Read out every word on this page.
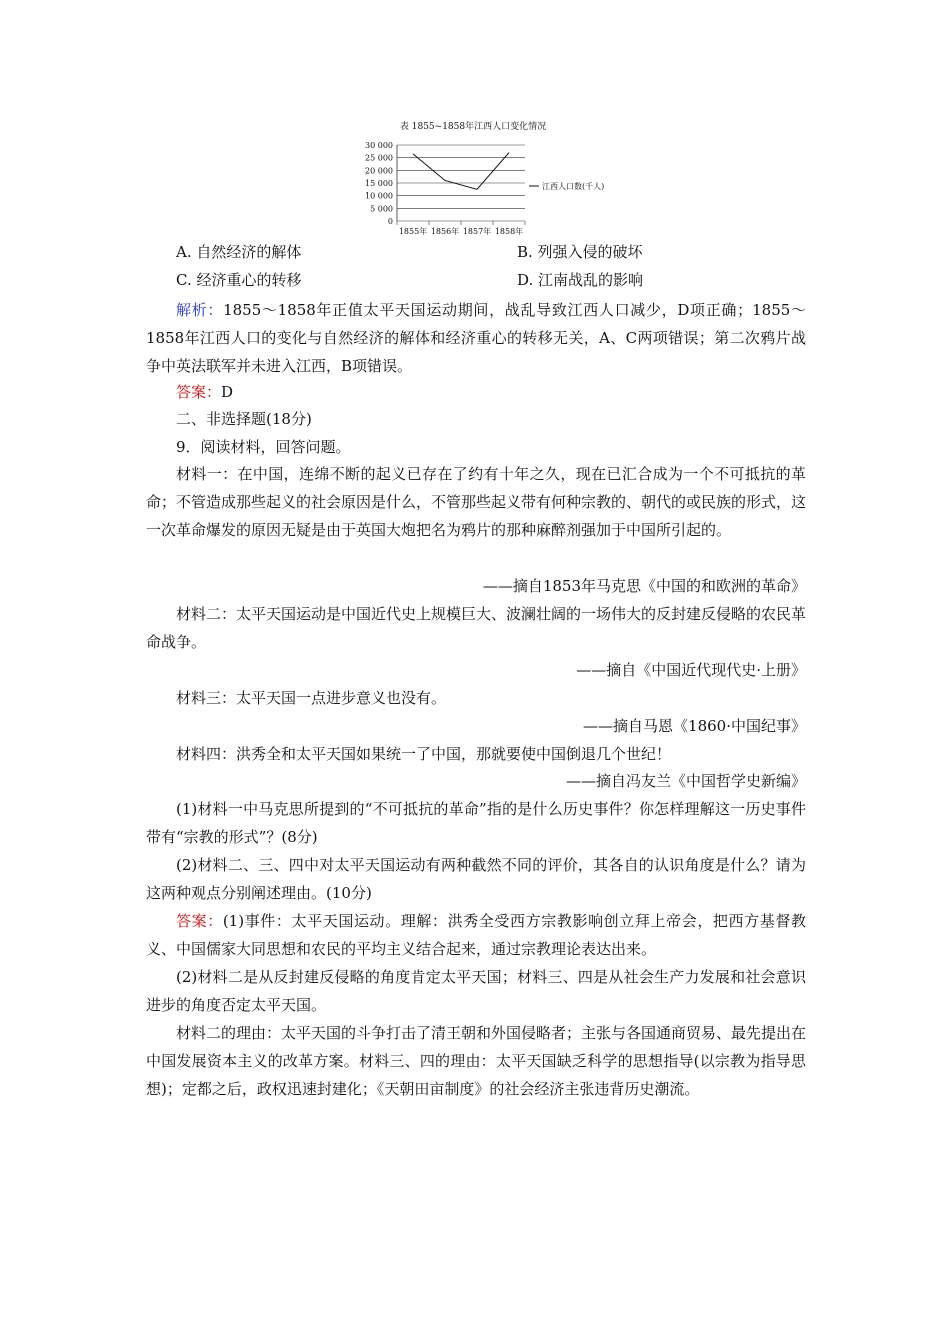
表 1855~1858年江西人口变化情况
30 000
25 000
20 000
15 000
10 000
5 000
0
1855年 1856年 1857年 1858年
江西人口数(千人)
A. 自然经济的解体	B. 列强入侵的破坏
C. 经济重心的转移	D. 江南战乱的影响
解析：1855～1858年正值太平天国运动期间，战乱导致江西人口减少，D项正确；1855～1858年江西人口的变化与自然经济的解体和经济重心的转移无关，A、C两项错误；第二次鸦片战争中英法联军并未进入江西，B项错误。
答案：D
二、非选择题(18分)
9．阅读材料，回答问题。
材料一：在中国，连绵不断的起义已存在了约有十年之久，现在已汇合成为一个不可抵抗的革命；不管造成那些起义的社会原因是什么，不管那些起义带有何种宗教的、朝代的或民族的形式，这一次革命爆发的原因无疑是由于英国大炮把名为鸦片的那种麻醉剂强加于中国所引起的。
——摘自1853年马克思《中国的和欧洲的革命》
材料二：太平天国运动是中国近代史上规模巨大、波澜壮阔的一场伟大的反封建反侵略的农民革命战争。
——摘自《中国近代现代史·上册》
材料三：太平天国一点进步意义也没有。
——摘自马恩《1860·中国纪事》
材料四：洪秀全和太平天国如果统一了中国，那就要使中国倒退几个世纪！
——摘自冯友兰《中国哲学史新编》
(1)材料一中马克思所提到的“不可抵抗的革命”指的是什么历史事件？你怎样理解这一历史事件带有“宗教的形式”？(8分)
(2)材料二、三、四中对太平天国运动有两种截然不同的评价，其各自的认识角度是什么？请为这两种观点分别阐述理由。(10分)
答案：(1)事件：太平天国运动。理解：洪秀全受西方宗教影响创立拜上帝会，把西方基督教义、中国儒家大同思想和农民的平均主义结合起来，通过宗教理论表达出来。
(2)材料二是从反封建反侵略的角度肯定太平天国；材料三、四是从社会生产力发展和社会意识进步的角度否定太平天国。
材料二的理由：太平天国的斗争打击了清王朝和外国侵略者；主张与各国通商贸易、最先提出在中国发展资本主义的改革方案。材料三、四的理由：太平天国缺乏科学的思想指导(以宗教为指导思想)；定都之后，政权迅速封建化；《天朝田亩制度》的社会经济主张违背历史潮流。
